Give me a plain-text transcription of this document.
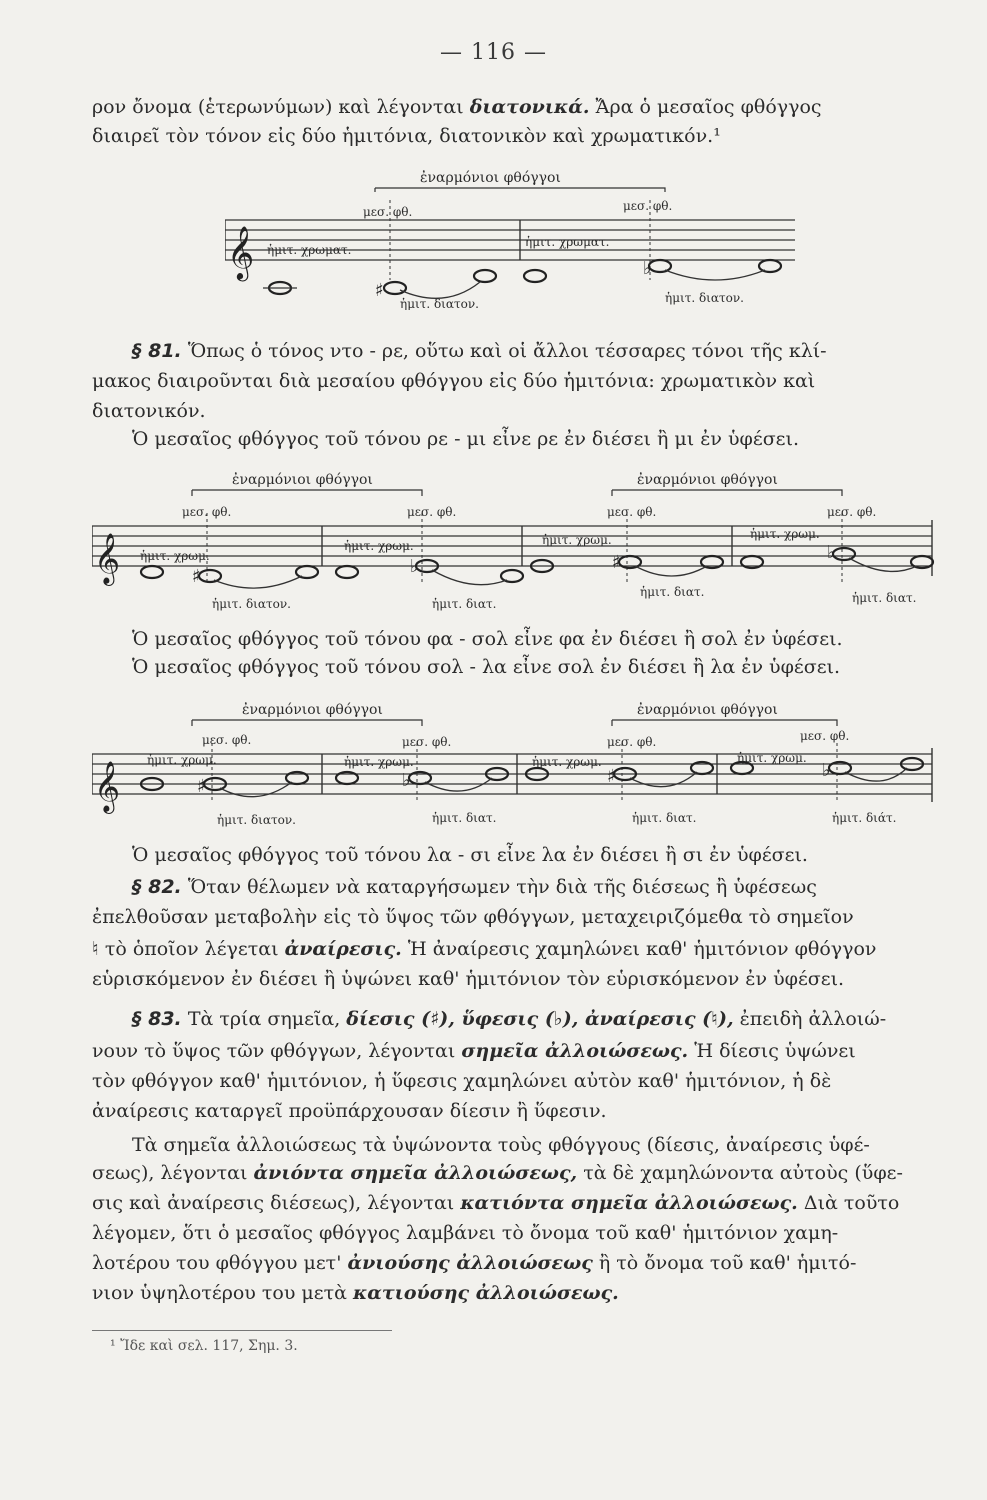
— 116 —
ρον ὄνομα (ἑτερωνύμων) καὶ λέγονται διατονικά. Ἄρα ὁ μεσαῖος φθόγγος
διαιρεῖ τὸν τόνον εἰς δύο ἡμιτόνια, διατονικὸν καὶ χρωματικόν.¹
ἐναρμόνιοι φθόγγοι
μεσ. φθ.	μεσ. φθ.
𝄞 ἡμιτ. χρωματ.
ἡμιτ. χρωματ.
♯
♭
ἡμιτ. διατον.	ἡμιτ. διατον.
§ 81. Ὅπως ὁ τόνος ντο - ρε, οὕτω καὶ οἱ ἄλλοι τέσσαρες τόνοι τῆς κλί-
μακος διαιροῦνται διὰ μεσαίου φθόγγου εἰς δύο ἡμιτόνια: χρωματικὸν καὶ
διατονικόν.
Ὁ μεσαῖος φθόγγος τοῦ τόνου ρε - μι εἶνε ρε ἐν διέσει ἢ μι ἐν ὑφέσει.
ἐναρμόνιοι φθόγγοι	ἐναρμόνιοι φθόγγοι
μεσ. φθ.	μεσ. φθ.	μεσ. φθ.	μεσ. φθ.
𝄞 ἡμιτ. χρωμ.
ἡμιτ. χρωμ.	ἡμιτ. χρωμ.	ἡμιτ. χρωμ.
♯	♭	♯	♭
ἡμιτ. διατον.	ἡμιτ. διατ.
ἡμιτ. διατ.	ἡμιτ. διατ.
Ὁ μεσαῖος φθόγγος τοῦ τόνου φα - σολ εἶνε φα ἐν διέσει ἢ σολ ἐν ὑφέσει.
Ὁ μεσαῖος φθόγγος τοῦ τόνου σολ - λα εἶνε σολ ἐν διέσει ἢ λα ἐν ὑφέσει.
ἐναρμόνιοι φθόγγοι	ἐναρμόνιοι φθόγγοι
μεσ. φθ.	μεσ. φθ.	μεσ. φθ.	μεσ. φθ.
𝄞
ἡμιτ. χρωμ.	ἡμιτ. χρωμ.	ἡμιτ. χρωμ.	ἡμιτ. χρωμ.
♯	♭	♯	♭
ἡμιτ. διατον.	ἡμιτ. διατ.	ἡμιτ. διατ.	ἡμιτ. διάτ.
Ὁ μεσαῖος φθόγγος τοῦ τόνου λα - σι εἶνε λα ἐν διέσει ἢ σι ἐν ὑφέσει.
§ 82. Ὅταν θέλωμεν νὰ καταργήσωμεν τὴν διὰ τῆς διέσεως ἢ ὑφέσεως
ἐπελθοῦσαν μεταβολὴν εἰς τὸ ὕψος τῶν φθόγγων, μεταχειριζόμεθα τὸ σημεῖον
♮ τὸ ὁποῖον λέγεται ἀναίρεσις. Ἡ ἀναίρεσις χαμηλώνει καθ' ἡμιτόνιον φθόγγον
εὑρισκόμενον ἐν διέσει ἢ ὑψώνει καθ' ἡμιτόνιον τὸν εὑρισκόμενον ἐν ὑφέσει.
§ 83. Τὰ τρία σημεῖα, δίεσις (♯), ὕφεσις (♭), ἀναίρεσις (♮), ἐπειδὴ ἀλλοιώ-
νουν τὸ ὕψος τῶν φθόγγων, λέγονται σημεῖα ἀλλοιώσεως. Ἡ δίεσις ὑψώνει
τὸν φθόγγον καθ' ἡμιτόνιον, ἡ ὕφεσις χαμηλώνει αὐτὸν καθ' ἡμιτόνιον, ἡ δὲ
ἀναίρεσις καταργεῖ προϋπάρχουσαν δίεσιν ἢ ὕφεσιν.
Τὰ σημεῖα ἀλλοιώσεως τὰ ὑψώνοντα τοὺς φθόγγους (δίεσις, ἀναίρεσις ὑφέ-
σεως), λέγονται ἀνιόντα σημεῖα ἀλλοιώσεως, τὰ δὲ χαμηλώνοντα αὐτοὺς (ὕφε-
σις καὶ ἀναίρεσις διέσεως), λέγονται κατιόντα σημεῖα ἀλλοιώσεως. Διὰ τοῦτο
λέγομεν, ὅτι ὁ μεσαῖος φθόγγος λαμβάνει τὸ ὄνομα τοῦ καθ' ἡμιτόνιον χαμη-
λοτέρου του φθόγγου μετ' ἀνιούσης ἀλλοιώσεως ἢ τὸ ὄνομα τοῦ καθ' ἡμιτό-
νιον ὑψηλοτέρου του μετὰ κατιούσης ἀλλοιώσεως.
¹ Ἴδε καὶ σελ. 117, Σημ. 3.
